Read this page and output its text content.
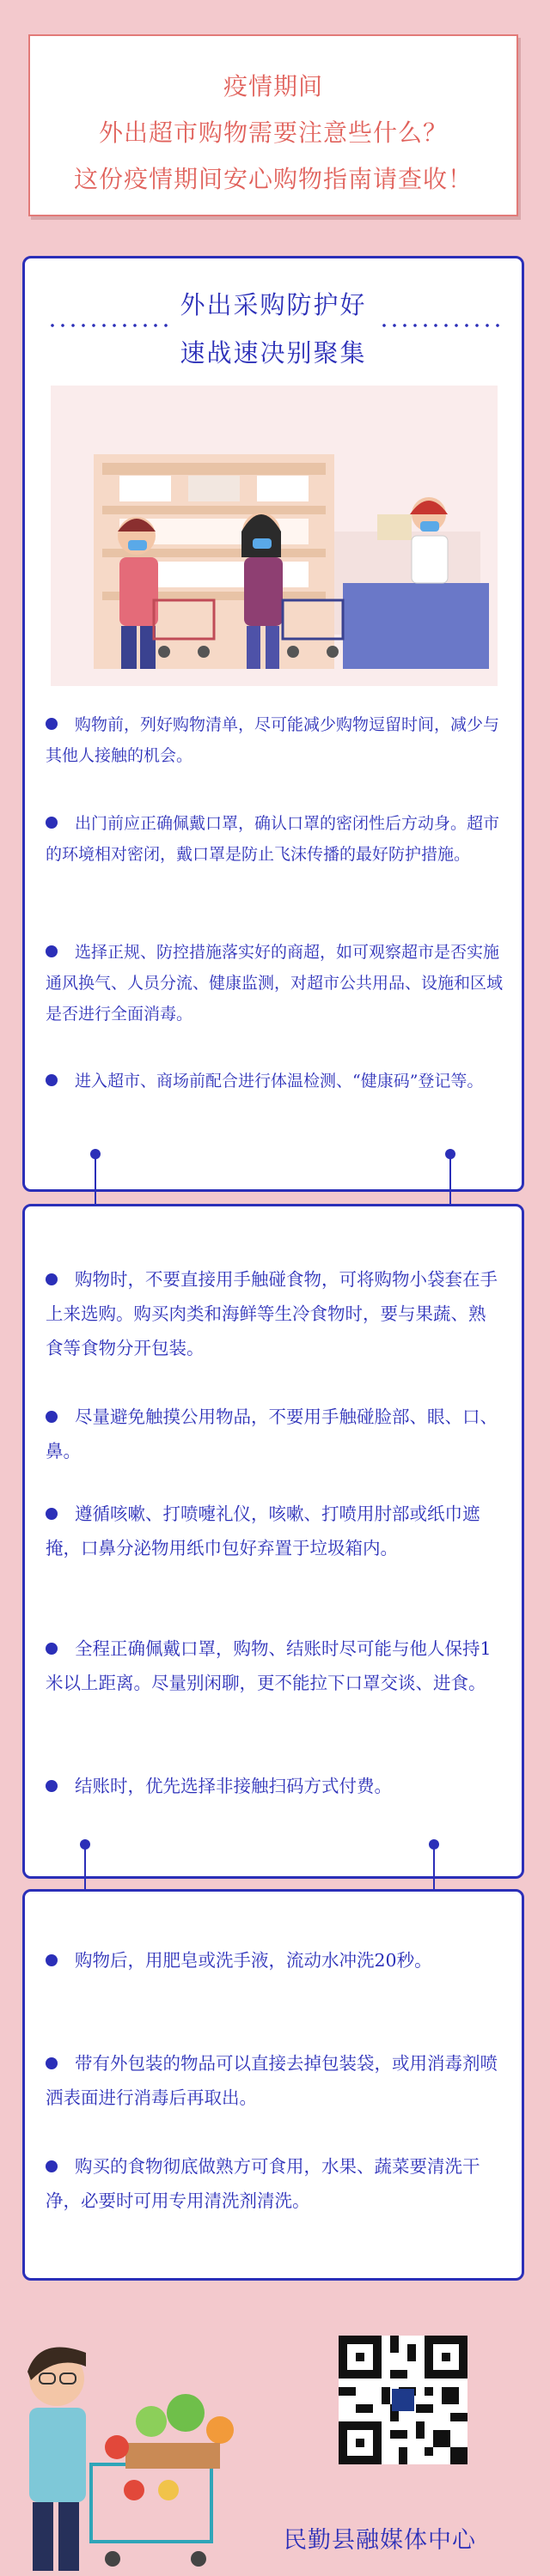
疫情期间
外出超市购物需要注意些什么？
这份疫情期间安心购物指南请查收！
外出采购防护好
速战速决别聚集
购物前，列好购物清单，尽可能减少购物逗留时间，减少与其他人接触的机会。
出门前应正确佩戴口罩，确认口罩的密闭性后方动身。超市的环境相对密闭，戴口罩是防止飞沫传播的最好防护措施。
选择正规、防控措施落实好的商超，如可观察超市是否实施通风换气、人员分流、健康监测，对超市公共用品、设施和区域是否进行全面消毒。
进入超市、商场前配合进行体温检测、“健康码”登记等。
购物时，不要直接用手触碰食物，可将购物小袋套在手上来选购。购买肉类和海鲜等生冷食物时，要与果蔬、熟食等食物分开包装。
尽量避免触摸公用物品，不要用手触碰脸部、眼、口、鼻。
遵循咳嗽、打喷嚏礼仪，咳嗽、打喷用肘部或纸巾遮掩，口鼻分泌物用纸巾包好弃置于垃圾箱内。
全程正确佩戴口罩，购物、结账时尽可能与他人保持1米以上距离。尽量别闲聊，更不能拉下口罩交谈、进食。
结账时，优先选择非接触扫码方式付费。
购物后，用肥皂或洗手液，流动水冲洗20秒。
带有外包装的物品可以直接去掉包装袋，或用消毒剂喷洒表面进行消毒后再取出。
购买的食物彻底做熟方可食用，水果、蔬菜要清洗干净，必要时可用专用清洗剂清洗。
民勤县融媒体中心
